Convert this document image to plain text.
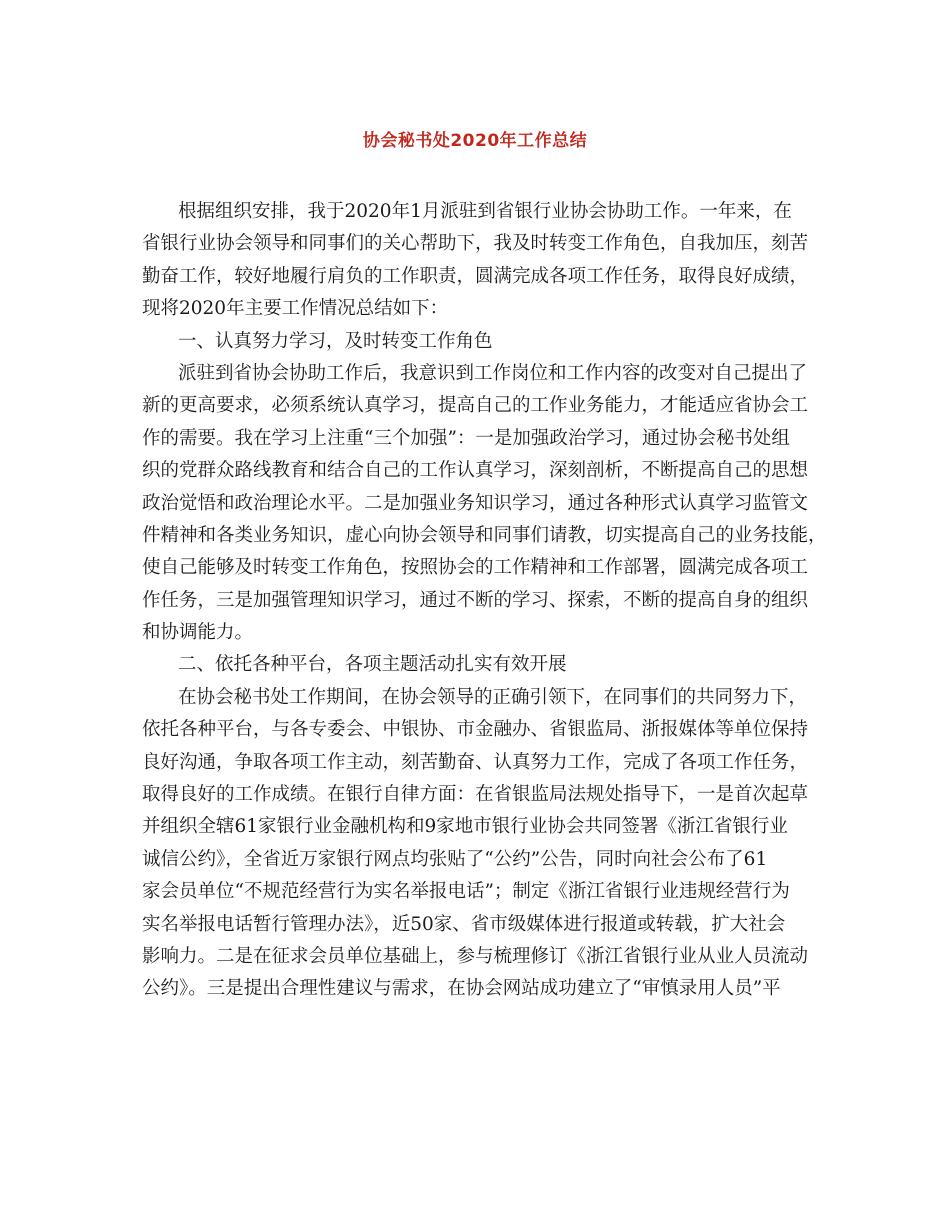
协会秘书处2020年工作总结
根据组织安排，我于2020年1月派驻到省银行业协会协助工作。一年来，在
省银行业协会领导和同事们的关心帮助下，我及时转变工作角色，自我加压，刻苦
勤奋工作，较好地履行肩负的工作职责，圆满完成各项工作任务，取得良好成绩，
现将2020年主要工作情况总结如下：
一、认真努力学习，及时转变工作角色
派驻到省协会协助工作后，我意识到工作岗位和工作内容的改变对自己提出了
新的更高要求，必须系统认真学习，提高自己的工作业务能力，才能适应省协会工
作的需要。我在学习上注重“三个加强”：一是加强政治学习，通过协会秘书处组
织的党群众路线教育和结合自己的工作认真学习，深刻剖析，不断提高自己的思想
政治觉悟和政治理论水平。二是加强业务知识学习，通过各种形式认真学习监管文
件精神和各类业务知识，虚心向协会领导和同事们请教，切实提高自己的业务技能，
使自己能够及时转变工作角色，按照协会的工作精神和工作部署，圆满完成各项工
作任务，三是加强管理知识学习，通过不断的学习、探索，不断的提高自身的组织
和协调能力。
二、依托各种平台，各项主题活动扎实有效开展
在协会秘书处工作期间，在协会领导的正确引领下，在同事们的共同努力下，
依托各种平台，与各专委会、中银协、市金融办、省银监局、浙报媒体等单位保持
良好沟通，争取各项工作主动，刻苦勤奋、认真努力工作，完成了各项工作任务，
取得良好的工作成绩。在银行自律方面：在省银监局法规处指导下，一是首次起草
并组织全辖61家银行业金融机构和9家地市银行业协会共同签署《浙江省银行业
诚信公约》，全省近万家银行网点均张贴了“公约”公告，同时向社会公布了61
家会员单位“不规范经营行为实名举报电话”；制定《浙江省银行业违规经营行为
实名举报电话暂行管理办法》，近50家、省市级媒体进行报道或转载，扩大社会
影响力。二是在征求会员单位基础上，参与梳理修订《浙江省银行业从业人员流动
公约》。三是提出合理性建议与需求，在协会网站成功建立了“审慎录用人员”平
